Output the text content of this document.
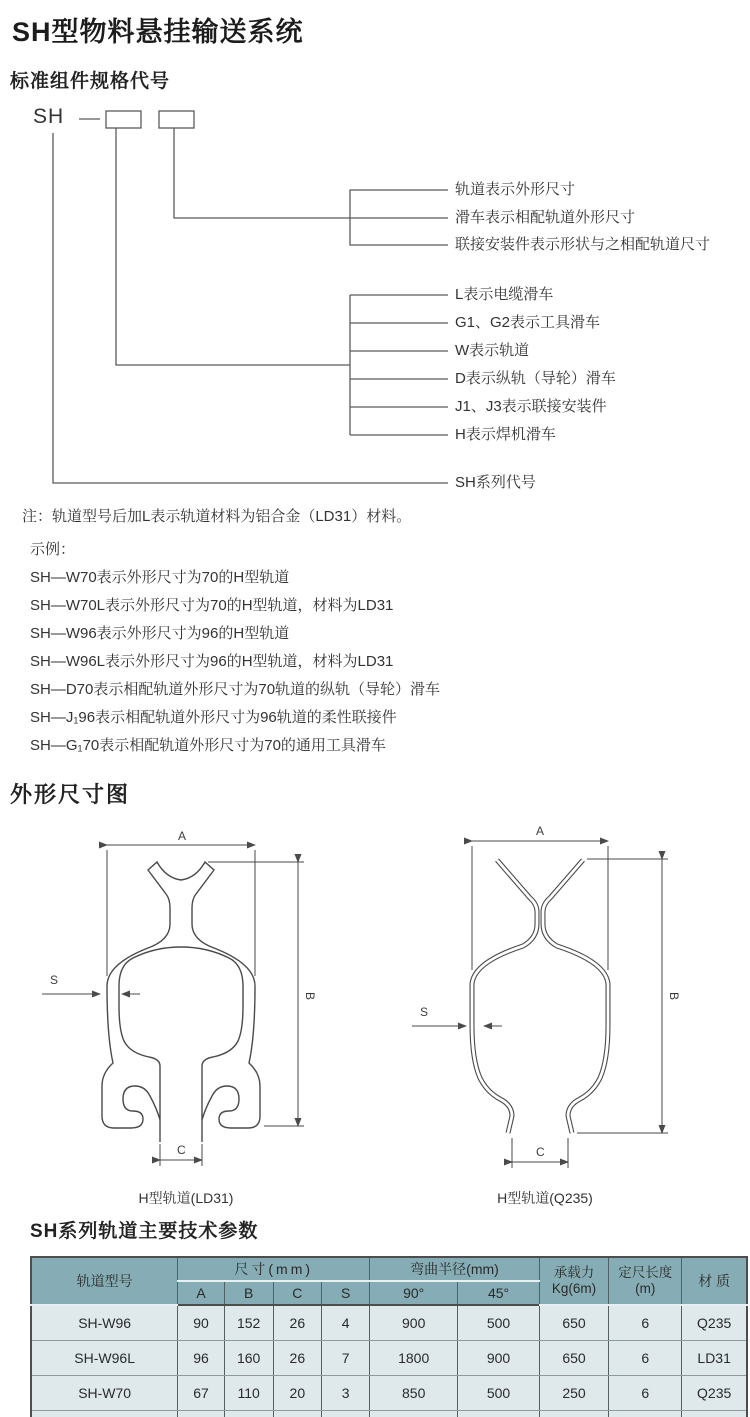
SH型物料悬挂输送系统
标准组件规格代号
SH
轨道表示外形尺寸
滑车表示相配轨道外形尺寸
联接安装件表示形状与之相配轨道尺寸
L表示电缆滑车
G1、G2表示工具滑车
W表示轨道
D表示纵轨（导轮）滑车
J1、J3表示联接安装件
H表示焊机滑车
SH系列代号
注：轨道型号后加L表示轨道材料为铝合金（LD31）材料。
示例：
SH—W70表示外形尺寸为70的H型轨道
SH—W70L表示外形尺寸为70的H型轨道，材料为LD31
SH—W96表示外形尺寸为96的H型轨道
SH—W96L表示外形尺寸为96的H型轨道，材料为LD31
SH—D70表示相配轨道外形尺寸为70轨道的纵轨（导轮）滑车
SH—J₁96表示相配轨道外形尺寸为96轨道的柔性联接件
SH—G₁70表示相配轨道外形尺寸为70的通用工具滑车
外形尺寸图
A
B
S
C
A
B
S
C
H型轨道(LD31)	H型轨道(Q235)
SH系列轨道主要技术参数
轨道型号	尺寸(mm)	弯曲半径(mm)	承载力
Kg(6m)

定尺长度
(m)	材 质
	A	B	C	S	90°	45°			
SH-W96	90	152	26	4	900	500	650	6	Q235
SH-W96L	96	160	26	7	1800	900	650	6	LD31
SH-W70	67	110	20	3	850	500	250	6	Q235
